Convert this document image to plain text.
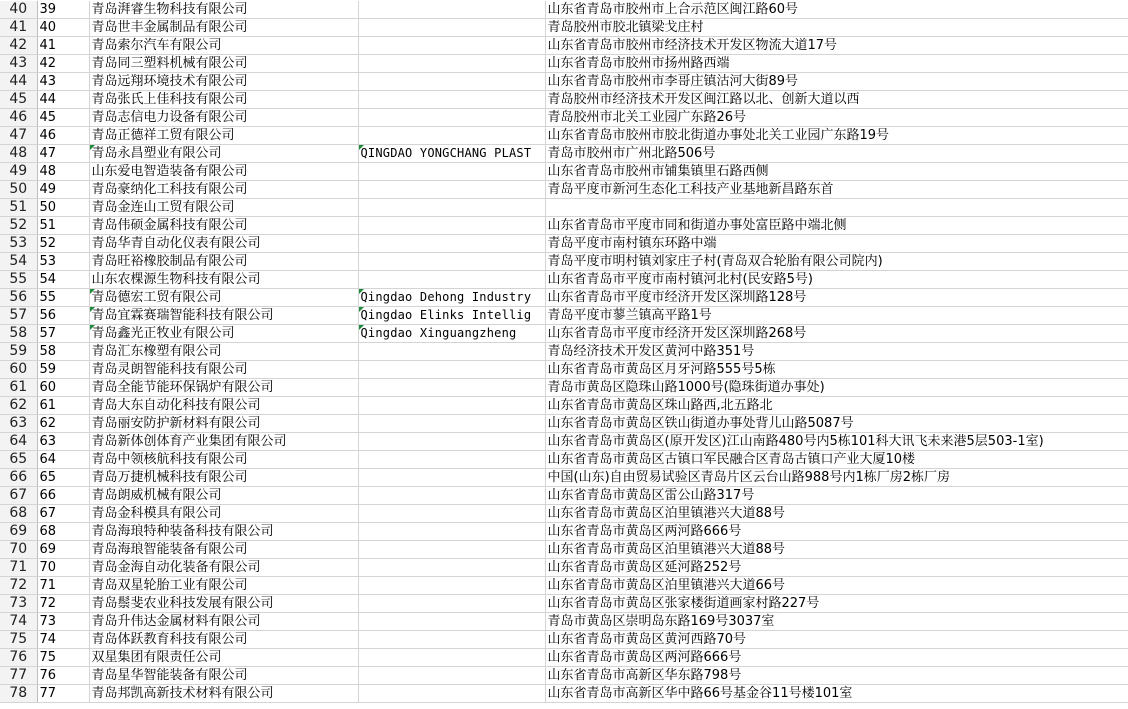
40	39	青岛湃睿生物科技有限公司		山东省青岛市胶州市上合示范区闽江路60号
41	40	青岛世丰金属制品有限公司		青岛胶州市胶北镇梁戈庄村
42	41	青岛索尔汽车有限公司		山东省青岛市胶州市经济技术开发区物流大道17号
43	42	青岛同三塑料机械有限公司		山东省青岛市胶州市扬州路西端
44	43	青岛远翔环境技术有限公司		山东省青岛市胶州市李哥庄镇沽河大街89号
45	44	青岛张氏上佳科技有限公司		青岛胶州市经济技术开发区闽江路以北、创新大道以西
46	45	青岛志信电力设备有限公司		青岛胶州市北关工业园广东路26号
47	46	青岛正德祥工贸有限公司		山东省青岛市胶州市胶北街道办事处北关工业园广东路19号
48	47	青岛永昌塑业有限公司	QINGDAO YONGCHANG PLAST	青岛市胶州市广州北路506号
49	48	山东爱电智造装备有限公司		山东省青岛市胶州市铺集镇里石路西侧
50	49	青岛豪纳化工科技有限公司		青岛平度市新河生态化工科技产业基地新昌路东首
51	50	青岛金连山工贸有限公司		
52	51	青岛伟硕金属科技有限公司		山东省青岛市平度市同和街道办事处富臣路中端北侧
53	52	青岛华青自动化仪表有限公司		青岛平度市南村镇东环路中端
54	53	青岛旺裕橡胶制品有限公司		青岛平度市明村镇刘家庄子村(青岛双合轮胎有限公司院内)
55	54	山东农棵源生物科技有限公司		山东省青岛市平度市南村镇河北村(民安路5号)
56	55	青岛德宏工贸有限公司	Qingdao Dehong Industry	山东省青岛市平度市经济开发区深圳路128号
57	56	青岛宜霖赛瑞智能科技有限公司	Qingdao Elinks Intellig	青岛平度市蓼兰镇高平路1号
58	57	青岛鑫光正牧业有限公司	Qingdao Xinguangzheng	山东省青岛市平度市经济开发区深圳路268号
59	58	青岛汇东橡塑有限公司		青岛经济技术开发区黄河中路351号
60	59	青岛灵朗智能科技有限公司		山东省青岛市黄岛区月牙河路555号5栋
61	60	青岛全能节能环保锅炉有限公司		青岛市黄岛区隐珠山路1000号(隐珠街道办事处)
62	61	青岛大东自动化科技有限公司		山东省青岛市黄岛区珠山路西,北五路北
63	62	青岛丽安防护新材料有限公司		山东省青岛市黄岛区铁山街道办事处背儿山路5087号
64	63	青岛新体创体育产业集团有限公司		山东省青岛市黄岛区(原开发区)江山南路480号内5栋101科大讯飞未来港5层503-1室)
65	64	青岛中领核航科技有限公司		山东省青岛市黄岛区古镇口军民融合区青岛古镇口产业大厦10楼
66	65	青岛万捷机械科技有限公司		中国(山东)自由贸易试验区青岛片区云台山路988号内1栋厂房2栋厂房
67	66	青岛朗威机械有限公司		山东省青岛市黄岛区雷公山路317号
68	67	青岛金科模具有限公司		山东省青岛市黄岛区泊里镇港兴大道88号
69	68	青岛海琅特种装备科技有限公司		山东省青岛市黄岛区两河路666号
70	69	青岛海琅智能装备有限公司		山东省青岛市黄岛区泊里镇港兴大道88号
71	70	青岛金海自动化装备有限公司		山东省青岛市黄岛区延河路252号
72	71	青岛双星轮胎工业有限公司		山东省青岛市黄岛区泊里镇港兴大道66号
73	72	青岛鬃斐农业科技发展有限公司		山东省青岛市黄岛区张家楼街道画家村路227号
74	73	青岛升伟达金属材料有限公司		青岛市黄岛区崇明岛东路169号3037室
75	74	青岛体跃教育科技有限公司		山东省青岛市黄岛区黄河西路70号
76	75	双星集团有限责任公司		山东省青岛市黄岛区两河路666号
77	76	青岛星华智能装备有限公司		山东省青岛市高新区华东路798号
78	77	青岛邦凯高新技术材料有限公司		山东省青岛市高新区华中路66号基金谷11号楼101室
